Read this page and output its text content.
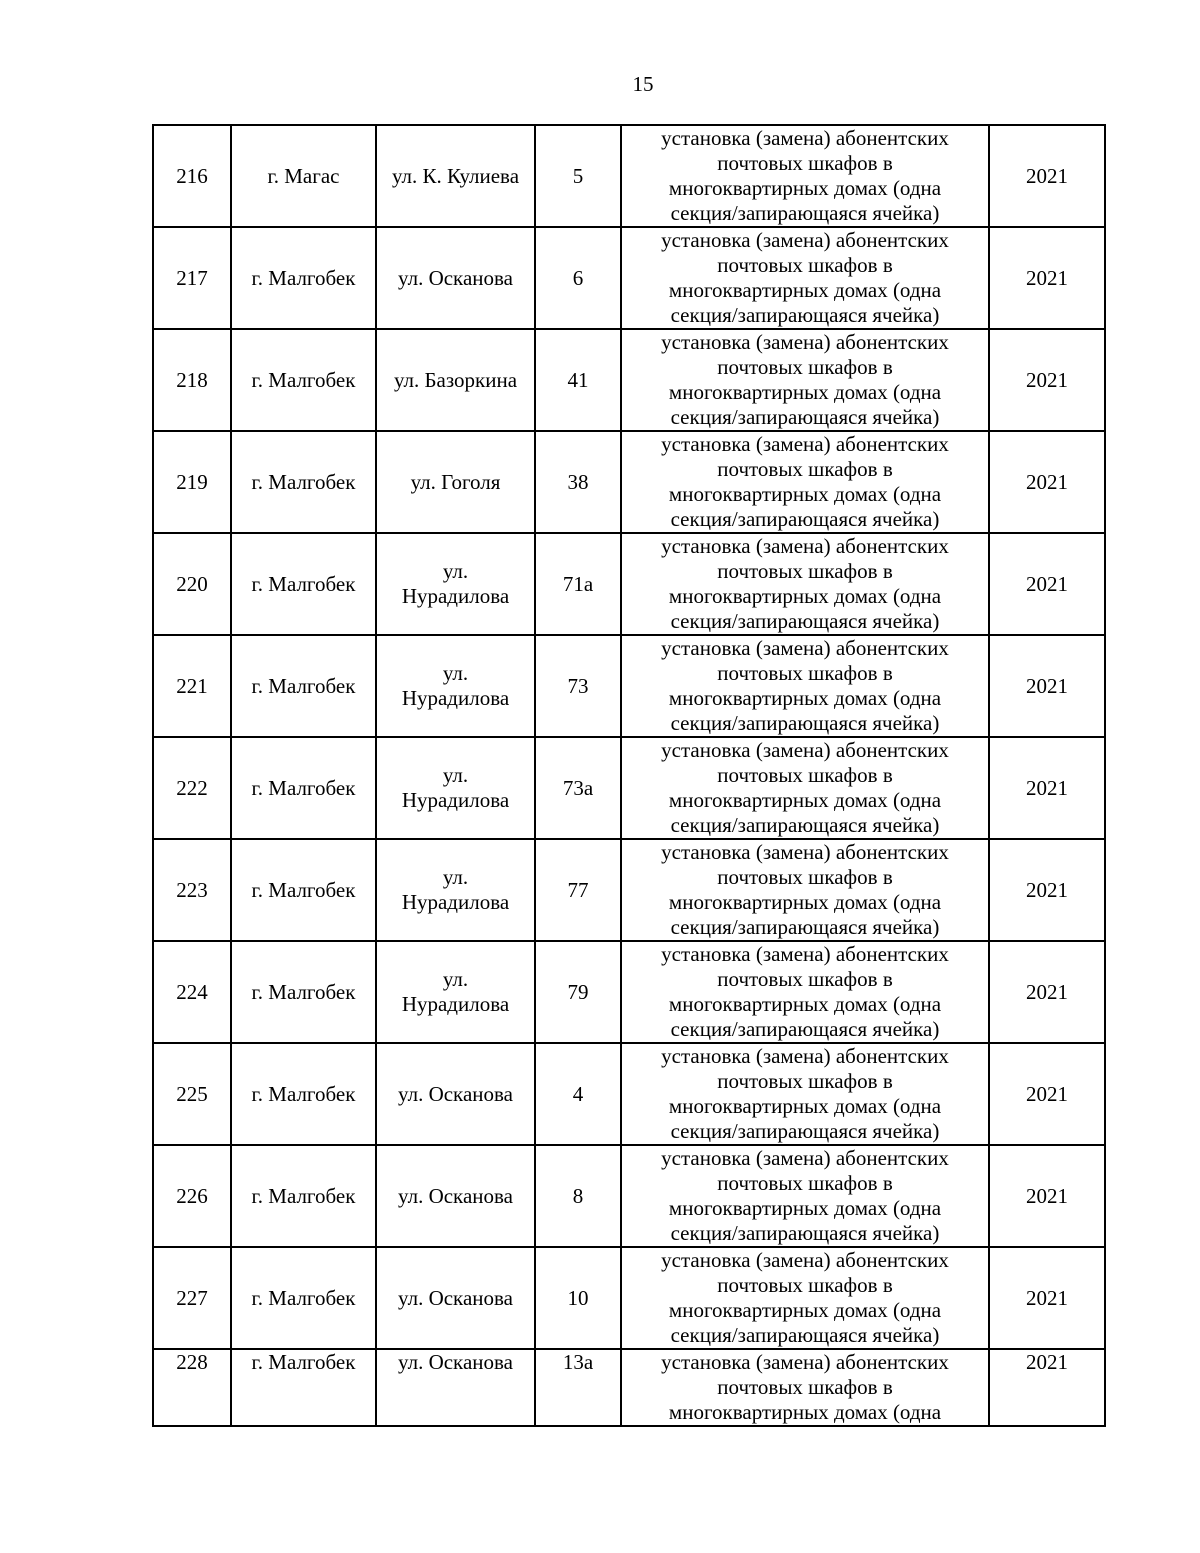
15
216	г. Магас	ул. К. Кулиева	5	установка (замена) абонентских
почтовых шкафов в
многоквартирных домах (одна
секция/запирающаяся ячейка)	2021
217	г. Малгобек	ул. Осканова	6	установка (замена) абонентских
почтовых шкафов в
многоквартирных домах (одна
секция/запирающаяся ячейка)	2021
218	г. Малгобек	ул. Базоркина	41	установка (замена) абонентских
почтовых шкафов в
многоквартирных домах (одна
секция/запирающаяся ячейка)	2021
219	г. Малгобек	ул. Гоголя	38	установка (замена) абонентских
почтовых шкафов в
многоквартирных домах (одна
секция/запирающаяся ячейка)	2021
220	г. Малгобек	ул.
Нурадилова	71а	установка (замена) абонентских
почтовых шкафов в
многоквартирных домах (одна
секция/запирающаяся ячейка)	2021
221	г. Малгобек	ул.
Нурадилова	73	установка (замена) абонентских
почтовых шкафов в
многоквартирных домах (одна
секция/запирающаяся ячейка)	2021
222	г. Малгобек	ул.
Нурадилова	73а	установка (замена) абонентских
почтовых шкафов в
многоквартирных домах (одна
секция/запирающаяся ячейка)	2021
223	г. Малгобек	ул.
Нурадилова	77	установка (замена) абонентских
почтовых шкафов в
многоквартирных домах (одна
секция/запирающаяся ячейка)	2021
224	г. Малгобек	ул.
Нурадилова	79	установка (замена) абонентских
почтовых шкафов в
многоквартирных домах (одна
секция/запирающаяся ячейка)	2021
225	г. Малгобек	ул. Осканова	4	установка (замена) абонентских
почтовых шкафов в
многоквартирных домах (одна
секция/запирающаяся ячейка)	2021
226	г. Малгобек	ул. Осканова	8	установка (замена) абонентских
почтовых шкафов в
многоквартирных домах (одна
секция/запирающаяся ячейка)	2021
227	г. Малгобек	ул. Осканова	10	установка (замена) абонентских
почтовых шкафов в
многоквартирных домах (одна
секция/запирающаяся ячейка)	2021
228	г. Малгобек	ул. Осканова	13а	установка (замена) абонентских
почтовых шкафов в
многоквартирных домах (одна	2021
